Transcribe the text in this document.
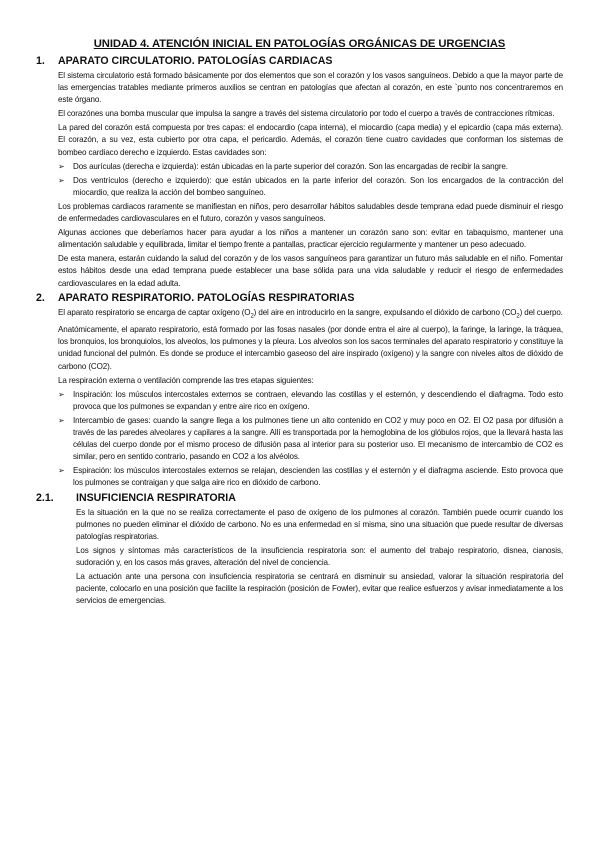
UNIDAD 4. ATENCIÓN INICIAL EN PATOLOGÍAS ORGÁNICAS DE URGENCIAS
1.	APARATO CIRCULATORIO. PATOLOGÍAS CARDIACAS

El sistema circulatorio está formado básicamente por dos elementos que son el corazón y los vasos sanguíneos. Debido a que la mayor parte de las emergencias tratables mediante primeros auxilios se centran en patologías que afectan al corazón, en este `punto nos concentraremos en este órgano.

El corazónes una bomba muscular que impulsa la sangre a través del sistema circulatorio por todo el cuerpo a través de contracciones rítmicas.

La pared del corazón está compuesta por tres capas: el endocardio (capa interna), el miocardio (capa media) y el epicardio (capa más externa). El corazón, a su vez, esta cubierto por otra capa, el pericardio. Además, el corazón tiene cuatro cavidades que conforman los sistemas de bombeo cardiaco derecho e izquierdo. Estas cavidades son:

➢	Dos aurículas (derecha e izquierda): están ubicadas en la parte superior del corazón. Son las encargadas de recibir la sangre.
➢	Dos ventrículos (derecho e izquierdo): que están ubicados en la parte inferior del corazón. Son los encargados de la contracción del miocardio, que realiza la acción del bombeo sanguíneo.

Los problemas cardiacos raramente se manifiestan en niños, pero desarrollar hábitos saludables desde temprana edad puede disminuir el riesgo de enfermedades cardiovasculares en el futuro, corazón y vasos sanguíneos.

Algunas acciones que deberíamos hacer para ayudar a los niños a mantener un corazón sano son: evitar en tabaquismo, mantener una alimentación saludable y equilibrada, limitar el tiempo frente a pantallas, practicar ejercicio regularmente y mantener un peso adecuado.

De esta manera, estarán cuidando la salud del corazón y de los vasos sanguíneos para garantizar un futuro más saludable en el niño. Fomentar estos hábitos desde una edad temprana puede establecer una base sólida para una vida saludable y reducir el riesgo de enfermedades cardiovasculares en la edad adulta.

2.	APARATO RESPIRATORIO. PATOLOGÍAS RESPIRATORIAS

El aparato respiratorio se encarga de captar oxígeno $(O_2)$ del aire en introducirlo en la sangre, expulsando el dióxido de carbono $(CO_2)$ del cuerpo.

Anatómicamente, el aparato respiratorio, está formado por las fosas nasales (por donde entra el aire al cuerpo), la faringe, la laringe, la tráquea, los bronquios, los bronquiolos, los alveolos, los pulmones y la pleura. Los alveolos son los sacos terminales del aparato respiratorio y constituye la unidad funcional del pulmón. Es donde se produce el intercambio gaseoso del aire inspirado (oxígeno) y la sangre con niveles altos de dióxido de carbono (CO2).

La respiración externa o ventilación comprende las tres etapas siguientes:

➢	Inspiración: los músculos intercostales externos se contraen, elevando las costillas y el esternón, y descendiendo el diafragma. Todo esto provoca que los pulmones se expandan y entre aire rico en oxígeno.
➢	Intercambio de gases: cuando la sangre llega a los pulmones tiene un alto contenido en CO2 y muy poco en O2. El O2 pasa por difusión a través de las paredes alveolares y capilares a la sangre. Allí es transportada por la hemoglobina de los glóbulos rojos, que la llevará hasta las células del cuerpo donde por el mismo proceso de difusión pasa al interior para su posterior uso. El mecanismo de intercambio de CO2 es similar, pero en sentido contrario, pasando en CO2 a los alvéolos.
➢	Espiración: los músculos intercostales externos se relajan, descienden las costillas y el esternón y el diafragma asciende. Esto provoca que los pulmones se contraigan y que salga aire rico en dióxido de carbono.
2.1.	INSUFICIENCIA RESPIRATORIA

Es la situación en la que no se realiza correctamente el paso de oxígeno de los pulmones al corazón. También puede ocurrir cuando los pulmones no pueden eliminar el dióxido de carbono. No es una enfermedad en sí misma, sino una situación que puede resultar de diversas patologías respiratorias.

Los signos y síntomas más característicos de la insuficiencia respiratoria son: el aumento del trabajo respiratorio, disnea, cianosis, sudoración y, en los casos más graves, alteración del nivel de conciencia.

La actuación ante una persona con insuficiencia respiratoria se centrará en disminuir su ansiedad, valorar la situación respiratoria del paciente, colocarlo en una posición que facilite la respiración (posición de Fowler), evitar que realice esfuerzos y avisar inmediatamente a los servicios de emergencias.
